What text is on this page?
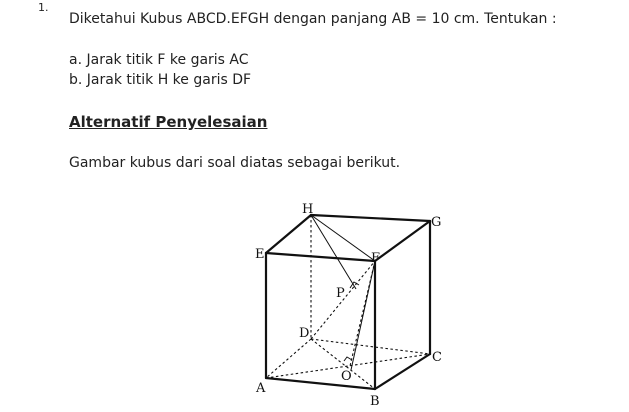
1.
Diketahui Kubus ABCD.EFGH dengan panjang AB = 10 cm. Tentukan :
a. Jarak titik F ke garis AC
b. Jarak titik H ke garis DF
Alternatif Penyelesaian
Gambar kubus dari soal diatas sebagai berikut.
H
G
E	F
P
D
C
O
A
B
